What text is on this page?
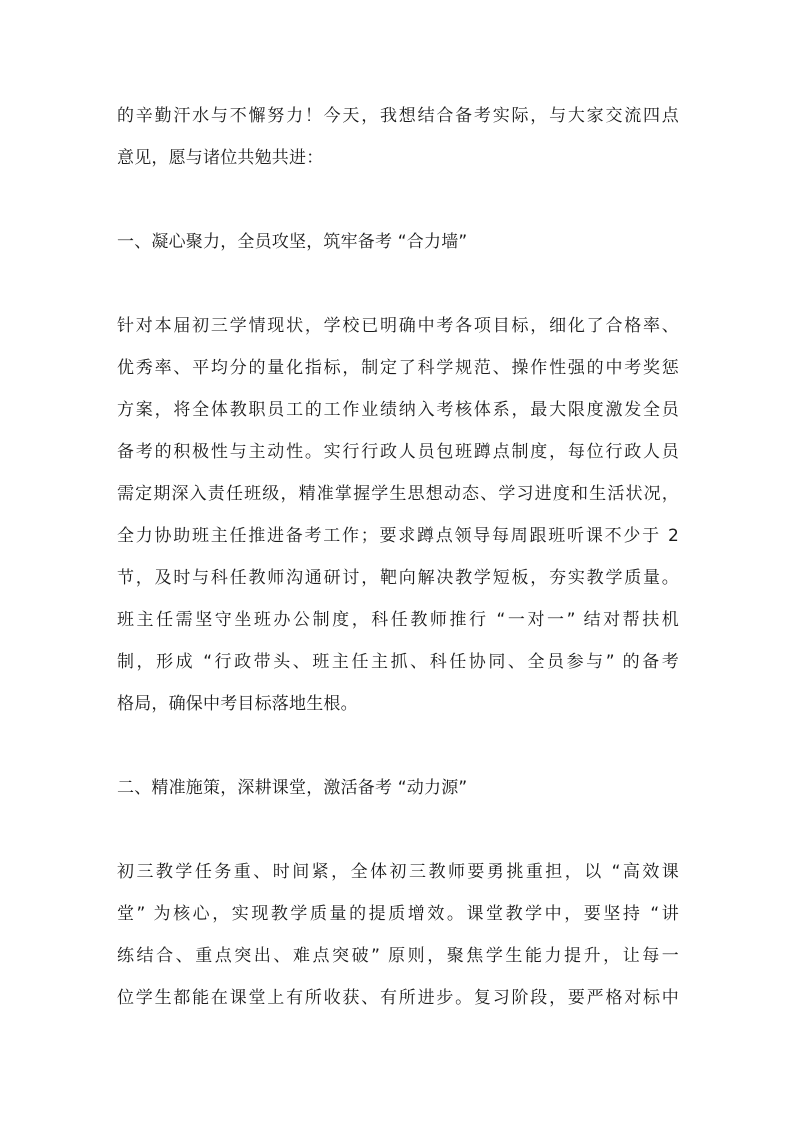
的辛勤汗水与不懈努力！今天，我想结合备考实际，与大家交流四点
意见，愿与诸位共勉共进：
一、凝心聚力，全员攻坚，筑牢备考 “合力墙”
针对本届初三学情现状，学校已明确中考各项目标，细化了合格率、
优秀率、平均分的量化指标，制定了科学规范、操作性强的中考奖惩
方案，将全体教职员工的工作业绩纳入考核体系，最大限度激发全员
备考的积极性与主动性。实行行政人员包班蹲点制度，每位行政人员
需定期深入责任班级，精准掌握学生思想动态、学习进度和生活状况，
全力协助班主任推进备考工作；要求蹲点领导每周跟班听课不少于 2
节，及时与科任教师沟通研讨，靶向解决教学短板，夯实教学质量。
班主任需坚守坐班办公制度，科任教师推行 “一对一” 结对帮扶机
制，形成 “行政带头、班主任主抓、科任协同、全员参与” 的备考
格局，确保中考目标落地生根。
二、精准施策，深耕课堂，激活备考 “动力源”
初三教学任务重、时间紧，全体初三教师要勇挑重担，以 “高效课
堂” 为核心，实现教学质量的提质增效。课堂教学中，要坚持 “讲
练结合、重点突出、难点突破” 原则，聚焦学生能力提升，让每一
位学生都能在课堂上有所收获、有所进步。复习阶段，要严格对标中
